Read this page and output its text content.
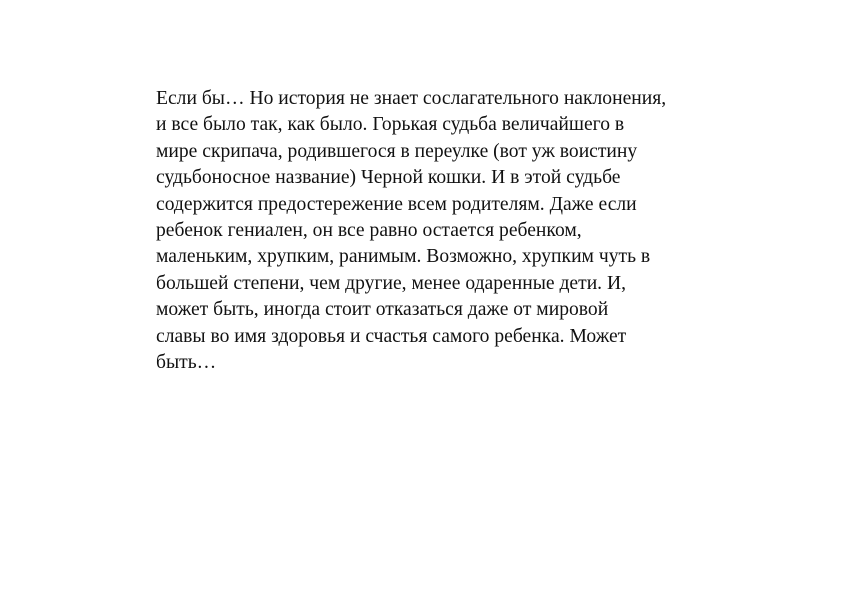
Если бы… Но история не знает сослагательного наклонения,
и все было так, как было. Горькая судьба величайшего в
мире скрипача, родившегося в переулке (вот уж воистину
судьбоносное название) Черной кошки. И в этой судьбе
содержится предостережение всем родителям. Даже если
ребенок гениален, он все равно остается ребенком,
маленьким, хрупким, ранимым. Возможно, хрупким чуть в
большей степени, чем другие, менее одаренные дети. И,
может быть, иногда стоит отказаться даже от мировой
славы во имя здоровья и счастья самого ребенка. Может
быть…
